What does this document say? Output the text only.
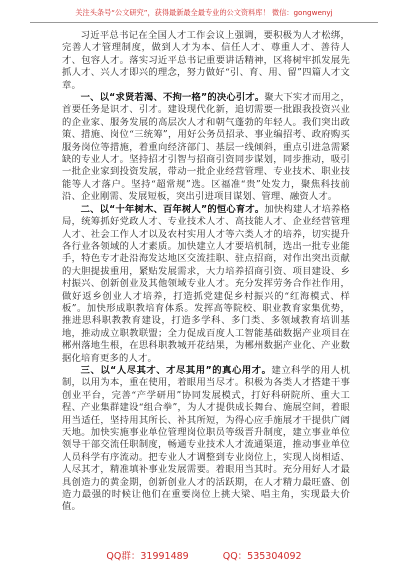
关注头条号“公文研究”，获得最新最全最专业的公文资料库！ 微信：gongwenyj

习近平总书记在全国人才工作会议上强调，要积极为人才松绑，完善人才管理制度，做到人才为本、信任人才、尊重人才、善待人才、包容人才。落实习近平总书记重要讲话精神，区将树牢抓发展先抓人才、兴人才即兴的理念，努力做好“引、育、用、留”四篇人才文章。

一、以“求贤若渴、不拘一格”的决心引才。聚大下实才而用之，首要任务是识才、引才。建设现代化新，追切需要一批跟我投资兴业的企业家、服务发展的高层次人才和朝气蓬勃的年轻人。我们突出政策、措施、岗位“三统筹”，用好公务员招录、事业编招考、政府购买服务岗位等措施，着重向经济部门、基层一线倾斜，重点引进急需紧缺的专业人才。坚持招才引智与招商引资同步谋划，同步推动，吸引一批企业家到投资发展，带动一批企业经营管理、专业技术、职业技能等人才落户。坚持“超常规”选。区福准“贵”处发力，聚焦科技前沿、企业刚需、发展短板，突出引进项目谋划、管理、融资人才。

二、以“十年树木、百年树人”的恒心育才。加快构建人才培养格局，统筹抓好党政人才、专业技术人才、高技能人才、企业经营管理人才、社会工作人才以及农村实用人才等六类人才的培养，切实提升各行业各领域的人才素质。加快建立人才要培机制，选出一批专业能手，特色专才赴沿海发达地区交流挂职、驻点招商，对作出突出贡献的大胆提拔重用，紧贴发展需求，大力培养招商引资、项目建设、乡村振兴、创新创业及其他领域专业人才。充分发挥劳务合作社作用，做好返乡创业人才培养，打造抓党建促乡村振兴的“红海模式、样板”。加快形成职教培育体系。发挥高等院校、职业教育家集优势，推进思科职教教育建设，打造多学科、多门类、多领域教育培训基地，推动成立职教联盟；全力促成百度人工智能基础数据产业项目在郴州落地生根，在思科职教城开花结果，为郴州数据产业化、产业数据化培育更多的人才。

三、以“人尽其才、才尽其用”的真心用才。建立科学的用人机制，以用为本，重在使用，着眼用当尽才。积极为各类人才搭建干事创业平台，完善“产学研用”协同发展模式，打好科研院所、重大工程、产业集群建设“组合拳”，为人才提供成长舞台、施展空间，着眼用当适任，坚持用其所长、补其所短，为得心应手施展才干提供广阔天地。加快实施事业单位管理岗位职员等级晋升制度，建立事业单位领导干部交流任职制度，畅通专业技术人才流通渠道，推动事业单位人员科学有序流动。把专业人才调整到专业岗位上，实现人岗相适、人尽其才，精准填补事业发展需要。着眼用当其时。充分用好人才最具创造力的黄金期，创新创业人才的活跃期，在人才精力最旺盛、创造力最强的时候让他们在重要岗位上挑大梁、唱主角，实现最大价值。

QQ群：31991489	QQ：535304092
